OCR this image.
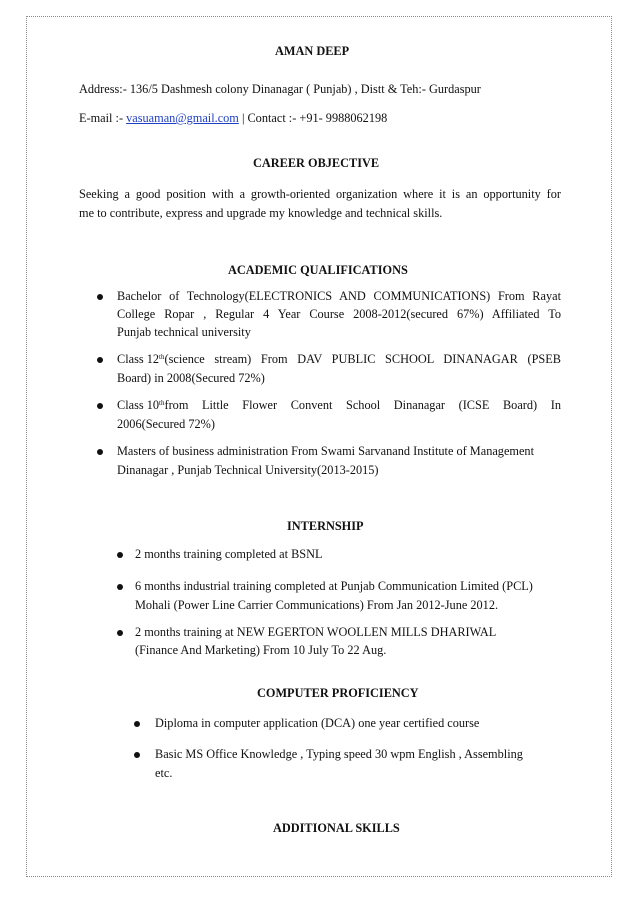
AMAN DEEP
Address:- 136/5 Dashmesh colony Dinanagar ( Punjab) , Distt & Teh:- Gurdaspur
E-mail :- vasuaman@gmail.com | Contact :- +91- 9988062198
CAREER OBJECTIVE
Seeking a good position with a growth-oriented organization where it is an opportunity for
me to contribute, express and upgrade my knowledge and technical skills.
ACADEMIC QUALIFICATIONS
Bachelor of Technology(ELECTRONICS AND COMMUNICATIONS) From Rayat
College Ropar , Regular 4 Year Course 2008-2012(secured 67%) Affiliated To
Punjab technical university
Class 12th (science stream) From DAV PUBLIC SCHOOL DINANAGAR (PSEB
Board) in 2008(Secured 72%)
Class 10th from Little Flower Convent School Dinanagar (ICSE Board) In
2006(Secured 72%)
Masters of business administration From Swami Sarvanand Institute of Management
Dinanagar , Punjab Technical University(2013-2015)
INTERNSHIP
2 months training completed at BSNL
6 months industrial training completed at Punjab Communication Limited (PCL)
Mohali (Power Line Carrier Communications) From Jan 2012-June 2012.
2 months training at NEW EGERTON WOOLLEN MILLS DHARIWAL
(Finance And Marketing) From 10 July To 22 Aug.
COMPUTER PROFICIENCY
Diploma in computer application (DCA) one year certified course
Basic MS Office Knowledge , Typing speed 30 wpm English , Assembling
etc.
ADDITIONAL SKILLS
